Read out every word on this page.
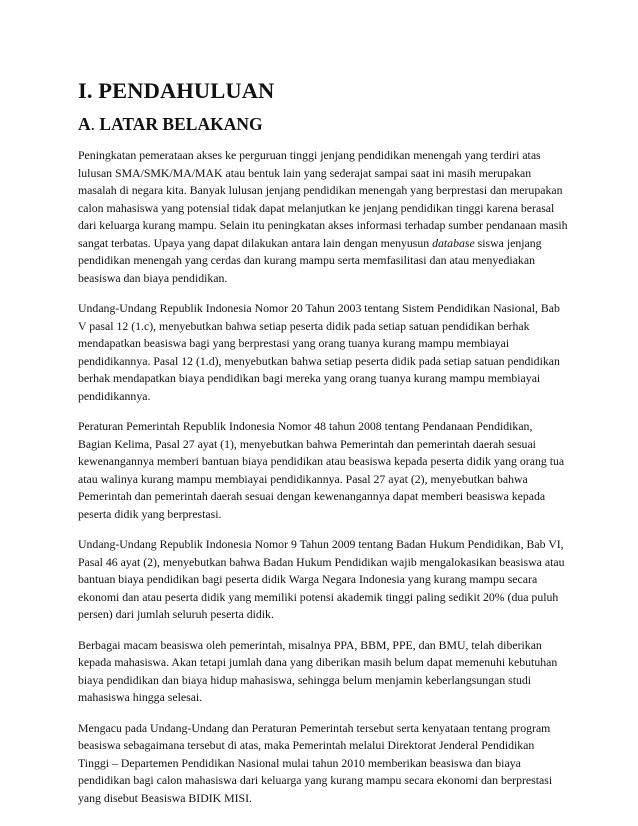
I. PENDAHULUAN
A. LATAR BELAKANG

Peningkatan pemerataan akses ke perguruan tinggi jenjang pendidikan menengah yang terdiri atas lulusan SMA/SMK/MA/MAK atau bentuk lain yang sederajat sampai saat ini masih merupakan masalah di negara kita. Banyak lulusan jenjang pendidikan menengah yang berprestasi dan merupakan calon mahasiswa yang potensial tidak dapat melanjutkan ke jenjang pendidikan tinggi karena berasal dari keluarga kurang mampu. Selain itu peningkatan akses informasi terhadap sumber pendanaan masih sangat terbatas. Upaya yang dapat dilakukan antara lain dengan menyusun database siswa jenjang pendidikan menengah yang cerdas dan kurang mampu serta memfasilitasi dan atau menyediakan beasiswa dan biaya pendidikan.

Undang-Undang Republik Indonesia Nomor 20 Tahun 2003 tentang Sistem Pendidikan Nasional, Bab V pasal 12 (1.c), menyebutkan bahwa setiap peserta didik pada setiap satuan pendidikan berhak mendapatkan beasiswa bagi yang berprestasi yang orang tuanya kurang mampu membiayai pendidikannya. Pasal 12 (1.d), menyebutkan bahwa setiap peserta didik pada setiap satuan pendidikan berhak mendapatkan biaya pendidikan bagi mereka yang orang tuanya kurang mampu membiayai pendidikannya.

Peraturan Pemerintah Republik Indonesia Nomor 48 tahun 2008 tentang Pendanaan Pendidikan, Bagian Kelima, Pasal 27 ayat (1), menyebutkan bahwa Pemerintah dan pemerintah daerah sesuai kewenangannya memberi bantuan biaya pendidikan atau beasiswa kepada peserta didik yang orang tua atau walinya kurang mampu membiayai pendidikannya. Pasal 27 ayat (2), menyebutkan bahwa Pemerintah dan pemerintah daerah sesuai dengan kewenangannya dapat memberi beasiswa kepada peserta didik yang berprestasi.

Undang-Undang Republik Indonesia Nomor 9 Tahun 2009 tentang Badan Hukum Pendidikan, Bab VI, Pasal 46 ayat (2), menyebutkan bahwa Badan Hukum Pendidikan wajib mengalokasikan beasiswa atau bantuan biaya pendidikan bagi peserta didik Warga Negara Indonesia yang kurang mampu secara ekonomi dan atau peserta didik yang memiliki potensi akademik tinggi paling sedikit 20% (dua puluh persen) dari jumlah seluruh peserta didik.

Berbagai macam beasiswa oleh pemerintah, misalnya PPA, BBM, PPE, dan BMU, telah diberikan kepada mahasiswa. Akan tetapi jumlah dana yang diberikan masih belum dapat memenuhi kebutuhan biaya pendidikan dan biaya hidup mahasiswa, sehingga belum menjamin keberlangsungan studi mahasiswa hingga selesai.

Mengacu pada Undang-Undang dan Peraturan Pemerintah tersebut serta kenyataan tentang program beasiswa sebagaimana tersebut di atas, maka Pemerintah melalui Direktorat Jenderal Pendidikan Tinggi – Departemen Pendidikan Nasional mulai tahun 2010 memberikan beasiswa dan biaya pendidikan bagi calon mahasiswa dari keluarga yang kurang mampu secara ekonomi dan berprestasi yang disebut Beasiswa BIDIK MISI.
